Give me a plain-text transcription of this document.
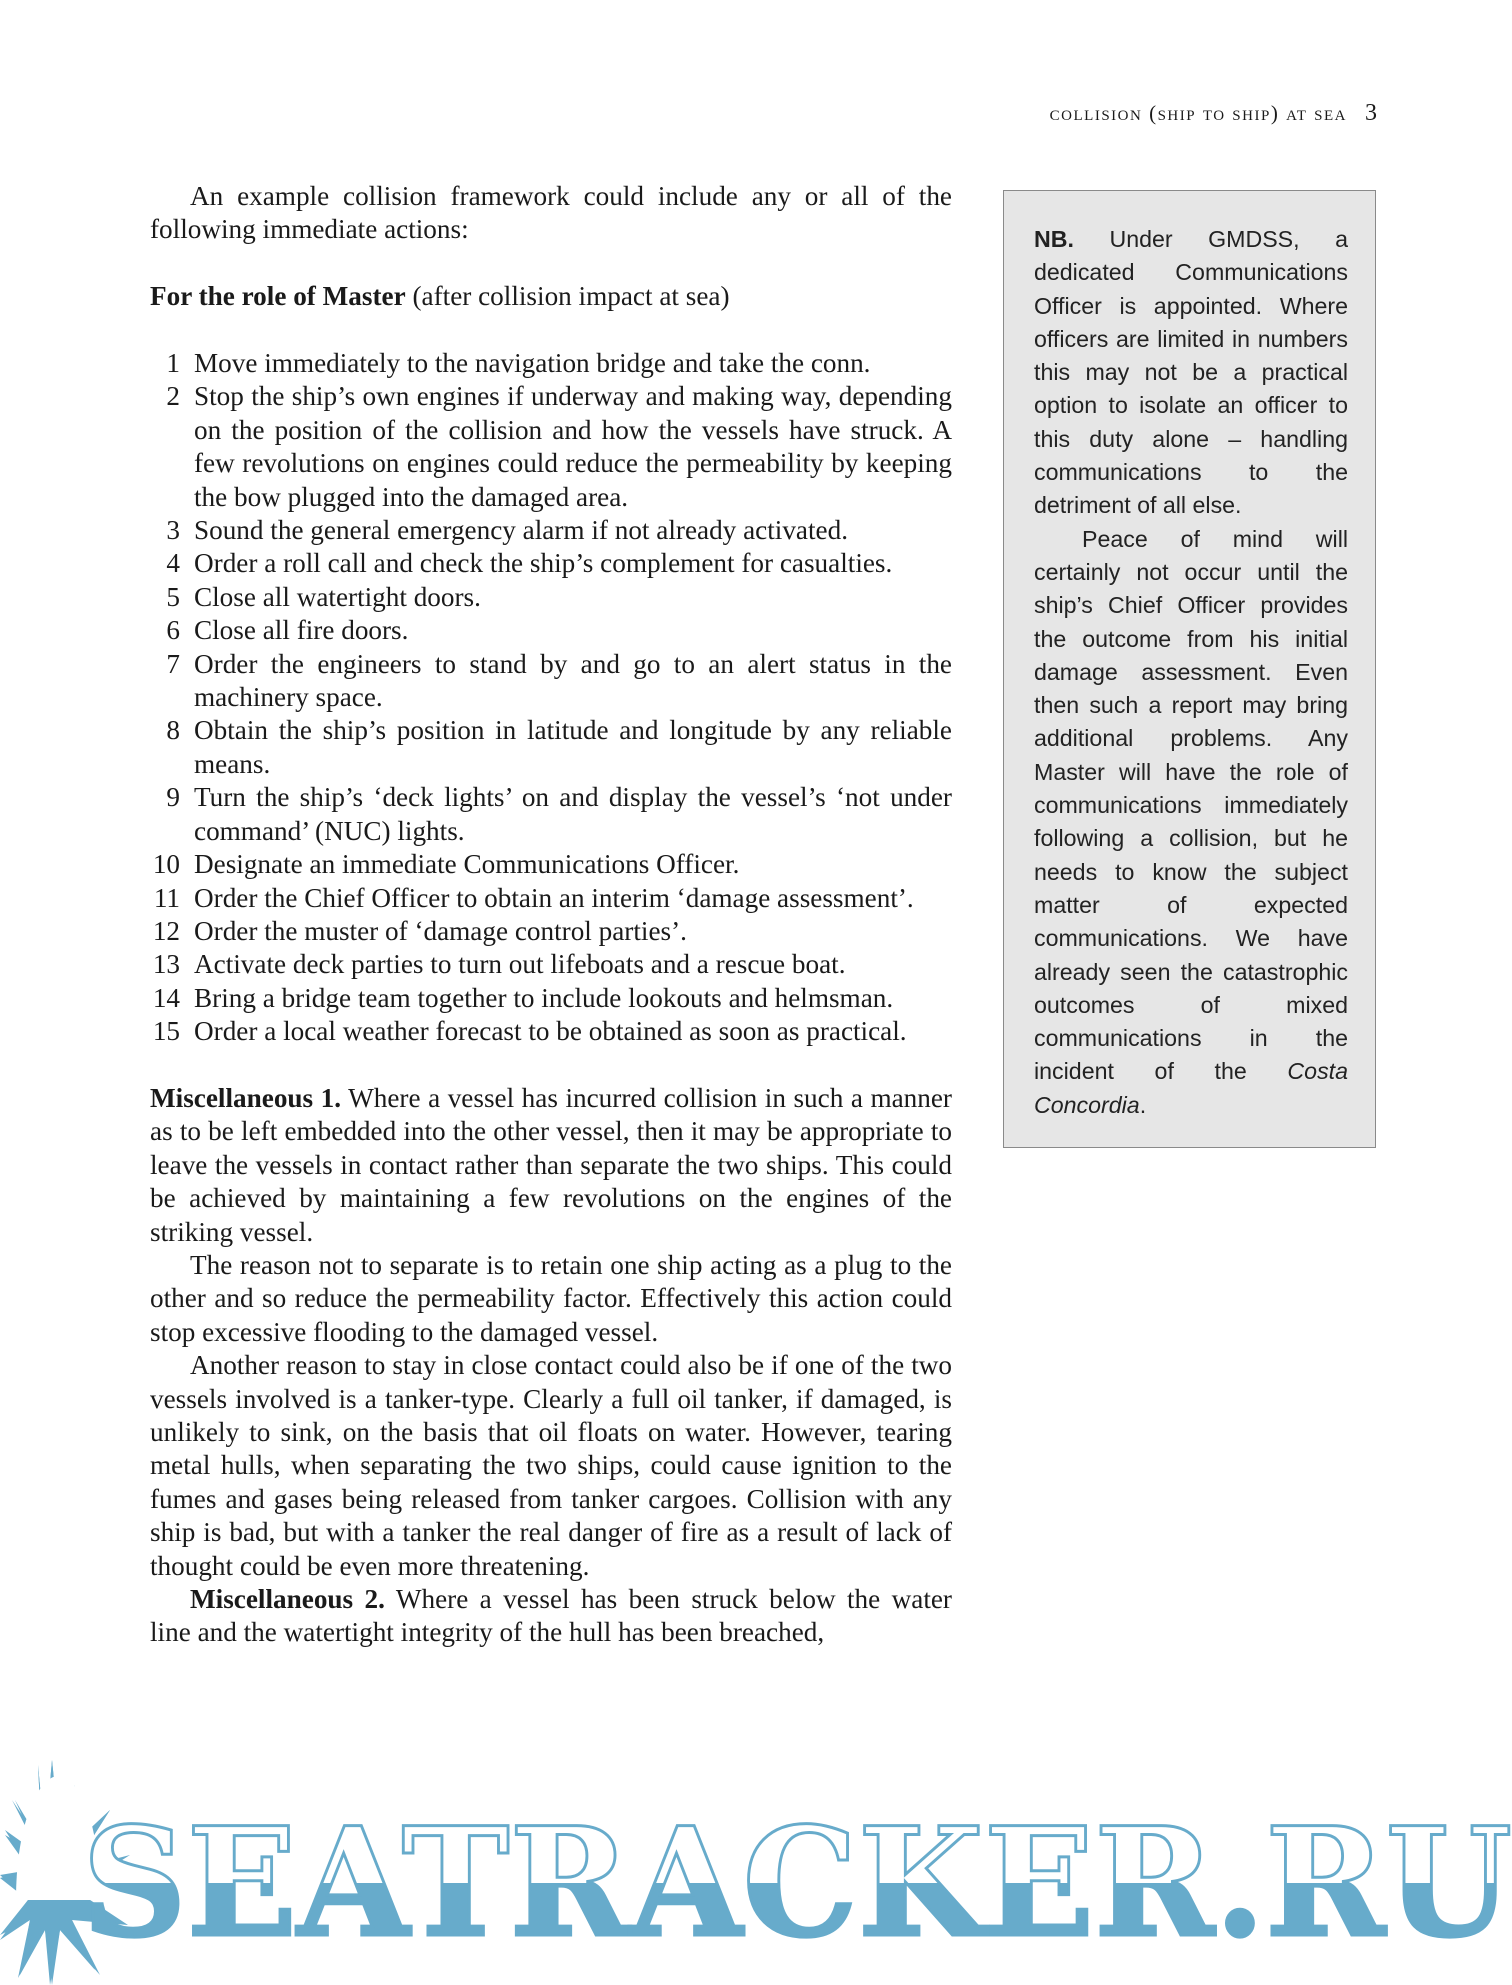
collision (ship to ship) at sea 3

An example collision framework could include any or all of the following immediate actions:

For the role of Master (after collision impact at sea)

1 Move immediately to the navigation bridge and take the conn.
2 Stop the ship’s own engines if underway and making way, depending on the position of the collision and how the vessels have struck. A few revolutions on engines could reduce the permeability by keeping the bow plugged into the damaged area.
3 Sound the general emergency alarm if not already activated.
4 Order a roll call and check the ship’s complement for casualties.
5 Close all watertight doors.
6 Close all fire doors.
7 Order the engineers to stand by and go to an alert status in the machinery space.
8 Obtain the ship’s position in latitude and longitude by any reliable means.
9 Turn the ship’s ‘deck lights’ on and display the vessel’s ‘not under command’ (NUC) lights.
10 Designate an immediate Communications Officer.
11 Order the Chief Officer to obtain an interim ‘damage assessment’.
12 Order the muster of ‘damage control parties’.
13 Activate deck parties to turn out lifeboats and a rescue boat.
14 Bring a bridge team together to include lookouts and helmsman.
15 Order a local weather forecast to be obtained as soon as practical.

Miscellaneous 1. Where a vessel has incurred collision in such a manner as to be left embedded into the other vessel, then it may be appropriate to leave the vessels in contact rather than separate the two ships. This could be achieved by maintaining a few revolutions on the engines of the striking vessel.

The reason not to separate is to retain one ship acting as a plug to the other and so reduce the permeability factor. Effectively this action could stop excessive flooding to the damaged vessel.

Another reason to stay in close contact could also be if one of the two vessels involved is a tanker-type. Clearly a full oil tanker, if damaged, is unlikely to sink, on the basis that oil floats on water. However, tearing metal hulls, when separating the two ships, could cause ignition to the fumes and gases being released from tanker cargoes. Collision with any ship is bad, but with a tanker the real danger of fire as a result of lack of thought could be even more threatening.

Miscellaneous 2. Where a vessel has been struck below the water line and the watertight integrity of the hull has been breached,

NB. Under GMDSS, a dedicated Communications Officer is appointed. Where officers are limited in numbers this may not be a practical option to isolate an officer to this duty alone – handling communications to the detriment of all else.

Peace of mind will certainly not occur until the ship’s Chief Officer provides the outcome from his initial damage assessment. Even then such a report may bring additional problems. Any Master will have the role of communications immediately following a collision, but he needs to know the subject matter of expected communications. We have already seen the catastrophic outcomes of mixed communications in the incident of the Costa Concordia.

SEATRACKER.RU
